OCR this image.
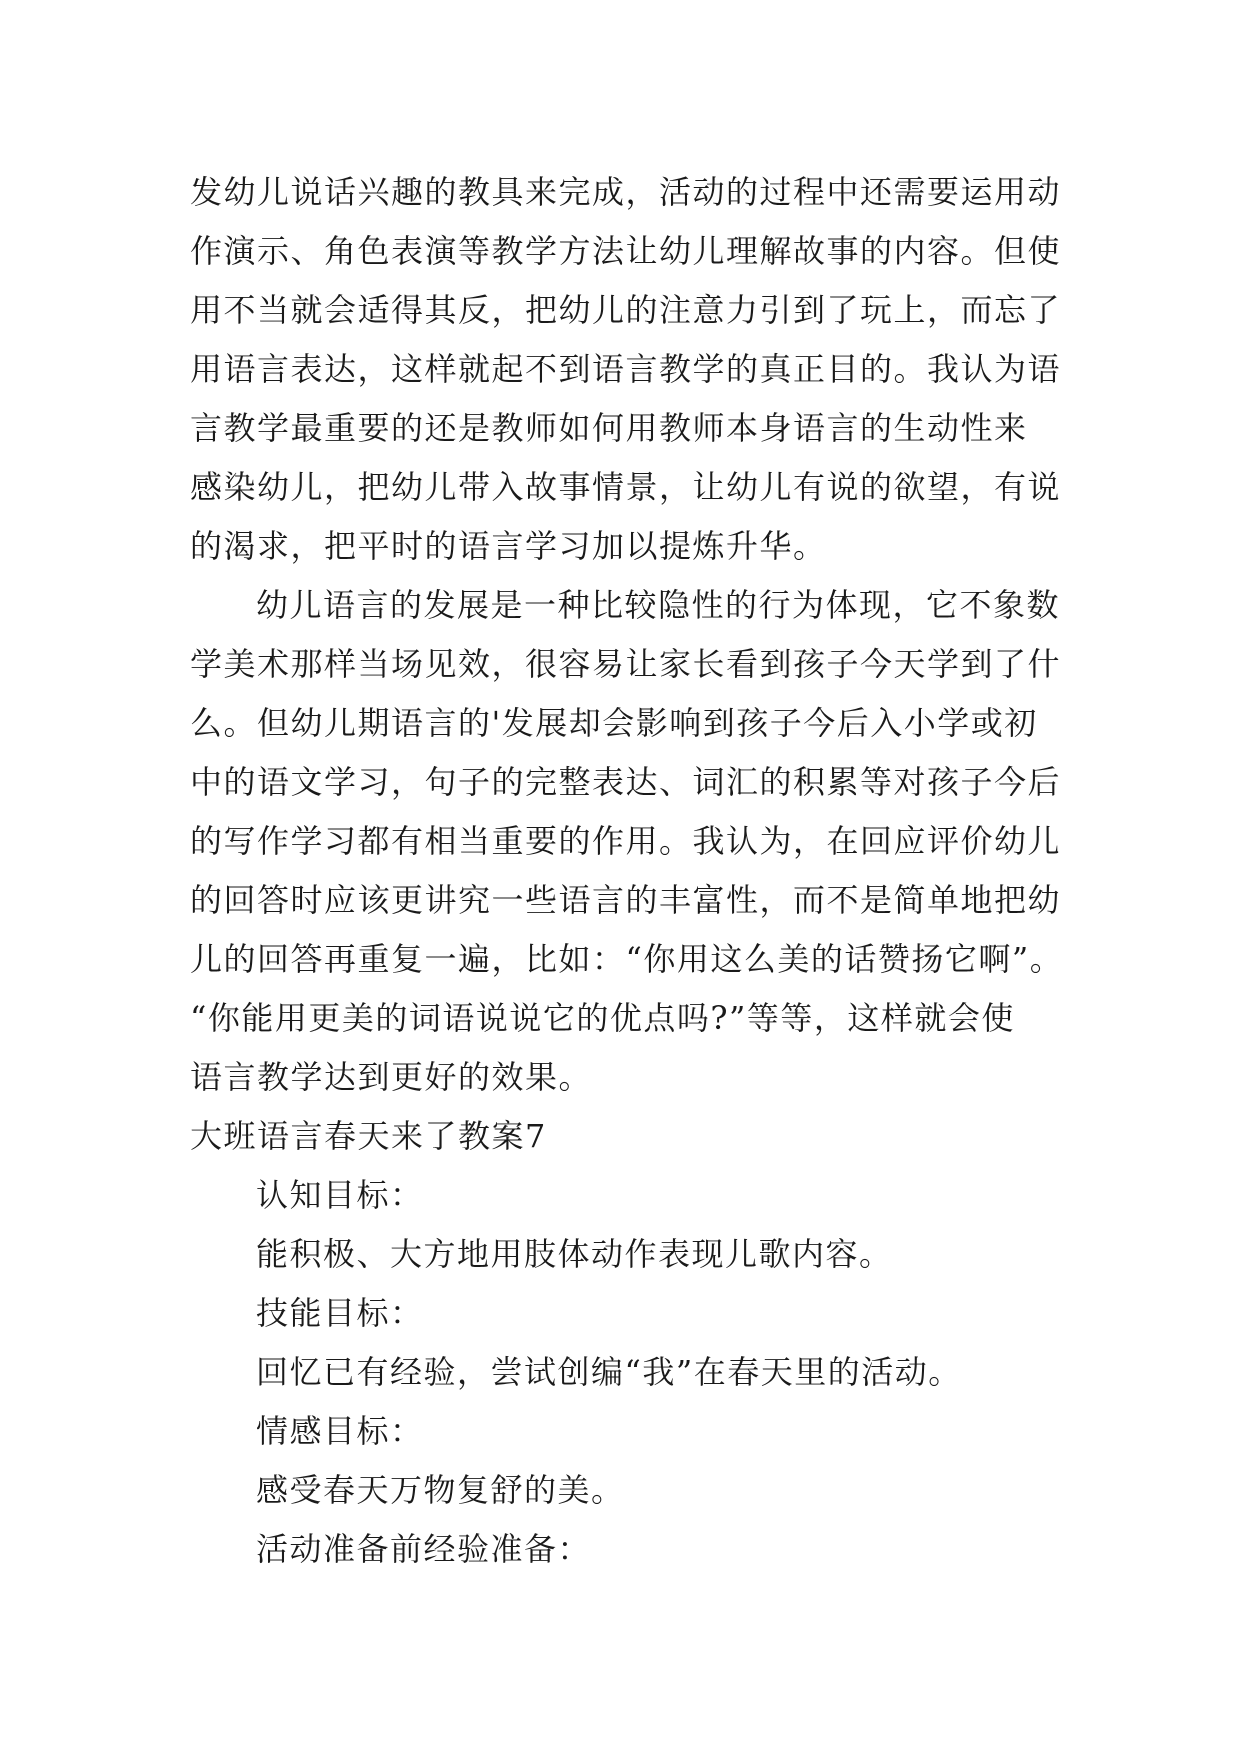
发幼儿说话兴趣的教具来完成，活动的过程中还需要运用动
作演示、角色表演等教学方法让幼儿理解故事的内容。但使
用不当就会适得其反，把幼儿的注意力引到了玩上，而忘了
用语言表达，这样就起不到语言教学的真正目的。我认为语
言教学最重要的还是教师如何用教师本身语言的生动性来
感染幼儿，把幼儿带入故事情景，让幼儿有说的欲望，有说
的渴求，把平时的语言学习加以提炼升华。
幼儿语言的发展是一种比较隐性的行为体现，它不象数
学美术那样当场见效，很容易让家长看到孩子今天学到了什
么。但幼儿期语言的'发展却会影响到孩子今后入小学或初
中的语文学习，句子的完整表达、词汇的积累等对孩子今后
的写作学习都有相当重要的作用。我认为，在回应评价幼儿
的回答时应该更讲究一些语言的丰富性，而不是简单地把幼
儿的回答再重复一遍，比如：“你用这么美的话赞扬它啊”。
“你能用更美的词语说说它的优点吗?”等等，这样就会使
语言教学达到更好的效果。
大班语言春天来了教案7
认知目标：
能积极、大方地用肢体动作表现儿歌内容。
技能目标：
回忆已有经验，尝试创编“我”在春天里的活动。
情感目标：
感受春天万物复舒的美。
活动准备前经验准备：
